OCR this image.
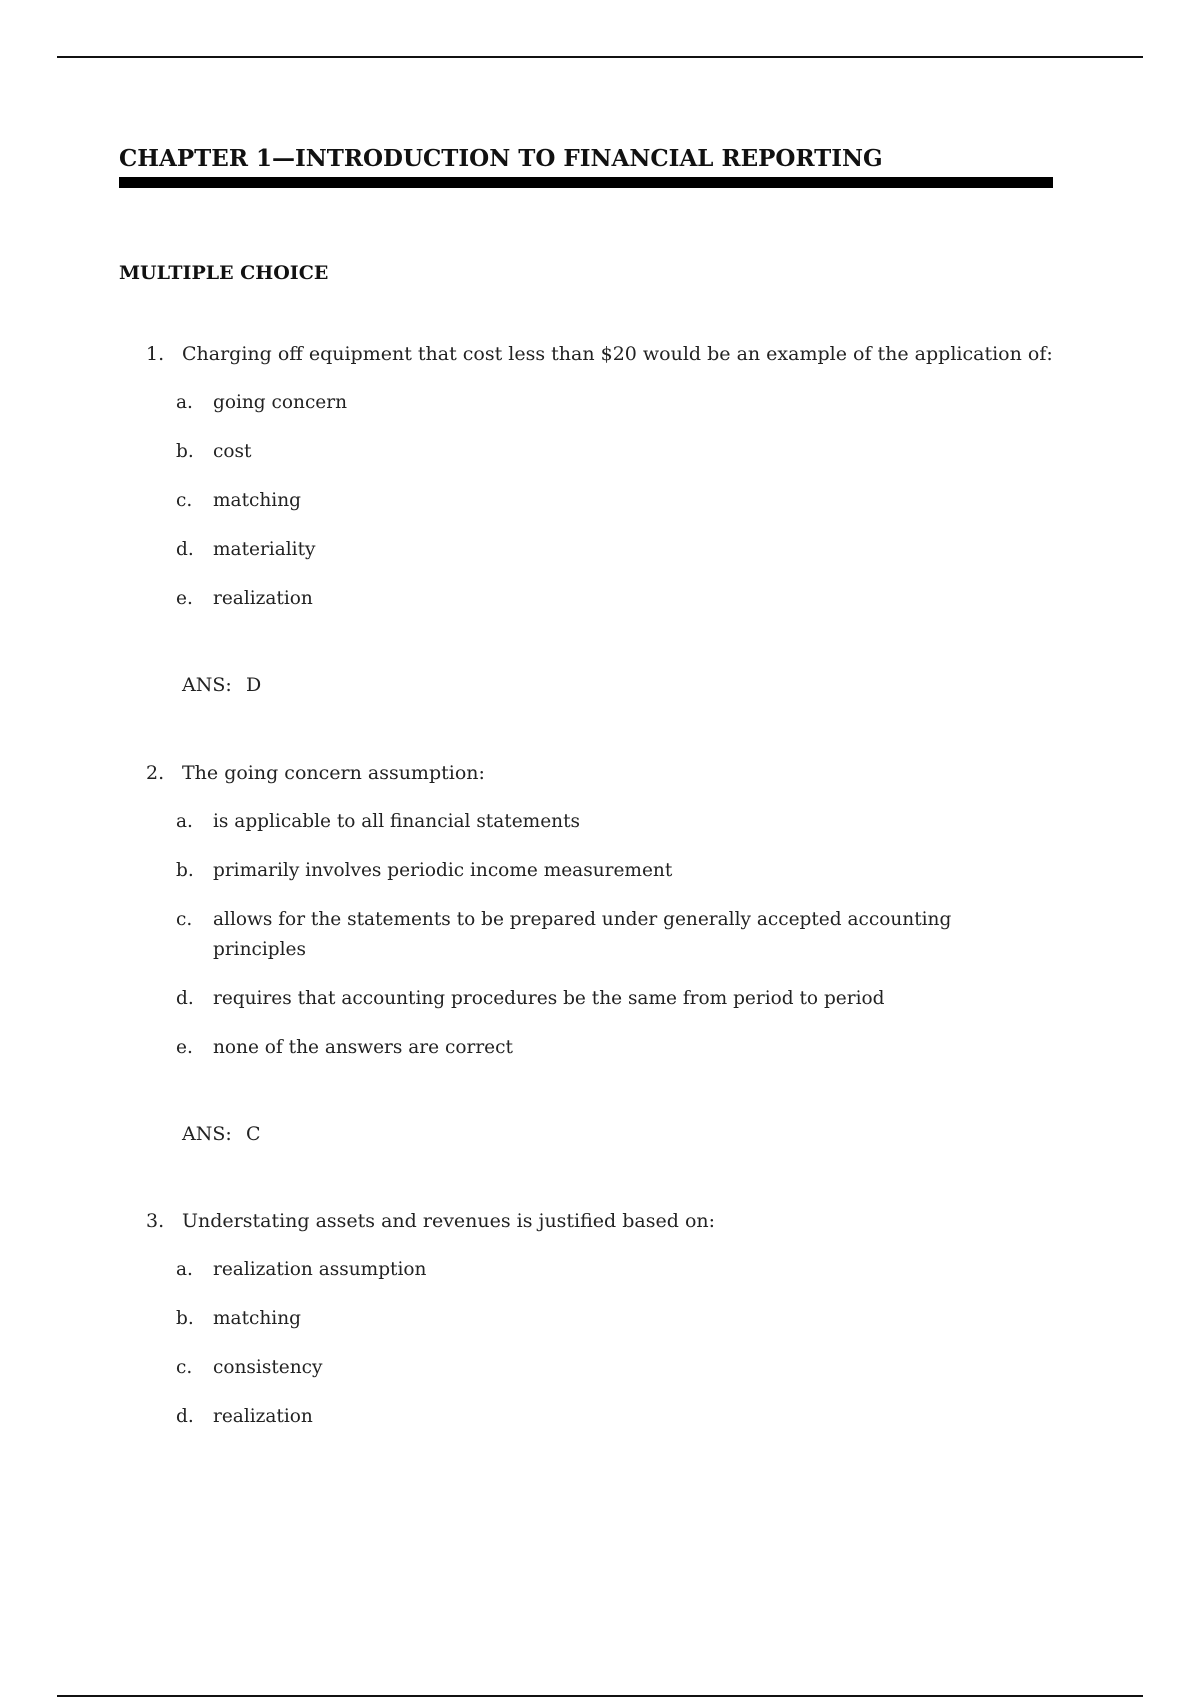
CHAPTER 1—INTRODUCTION TO FINANCIAL REPORTING
MULTIPLE CHOICE
1. Charging off equipment that cost less than $20 would be an example of the application of:
a. going concern
b. cost
c. matching
d. materiality
e. realization
ANS: D
2. The going concern assumption:
a. is applicable to all financial statements
b. primarily involves periodic income measurement
c. allows for the statements to be prepared under generally accepted accounting principles
d. requires that accounting procedures be the same from period to period
e. none of the answers are correct
ANS: C
3. Understating assets and revenues is justified based on:
a. realization assumption
b. matching
c. consistency
d. realization
